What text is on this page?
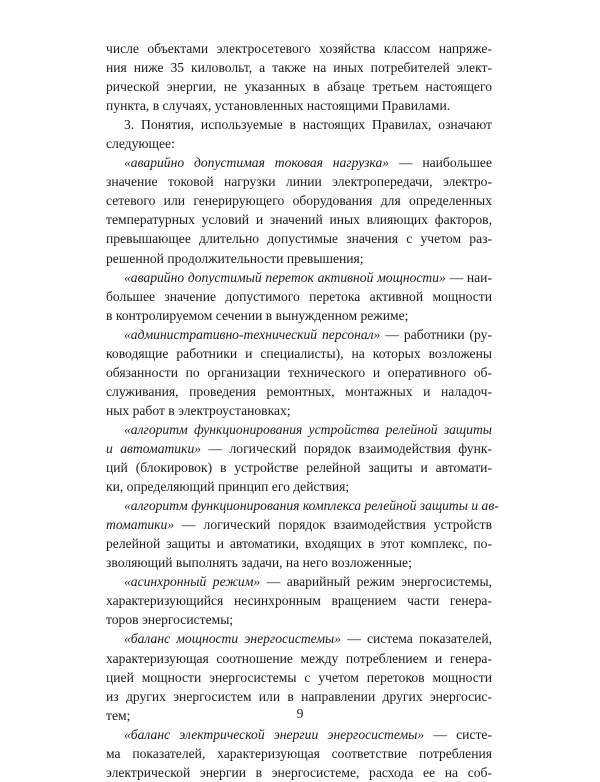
числе объектами электросетевого хозяйства классом напряже-
ния ниже 35 киловольт, а также на иных потребителей элект-
рической энергии, не указанных в абзаце третьем настоящего
пункта, в случаях, установленных настоящими Правилами.
3. Понятия, используемые в настоящих Правилах, означают
следующее:
«аварийно допустимая токовая нагрузка» — наибольшее
значение токовой нагрузки линии электропередачи, электро-
сетевого или генерирующего оборудования для определенных
температурных условий и значений иных влияющих факторов,
превышающее длительно допустимые значения с учетом раз-
решенной продолжительности превышения;
«аварийно допустимый переток активной мощности» — наи-
большее значение допустимого перетока активной мощности
в контролируемом сечении в вынужденном режиме;
«административно-технический персонал» — работники (ру-
ководящие работники и специалисты), на которых возложены
обязанности по организации технического и оперативного об-
служивания, проведения ремонтных, монтажных и наладоч-
ных работ в электроустановках;
«алгоритм функционирования устройства релейной защиты
и автоматики» — логический порядок взаимодействия функ-
ций (блокировок) в устройстве релейной защиты и автомати-
ки, определяющий принцип его действия;
«алгоритм функционирования комплекса релейной защиты и ав-
томатики» — логический порядок взаимодействия устройств
релейной защиты и автоматики, входящих в этот комплекс, по-
зволяющий выполнять задачи, на него возложенные;
«асинхронный режим» — аварийный режим энергосистемы,
характеризующийся несинхронным вращением части генера-
торов энергосистемы;
«баланс мощности энергосистемы» — система показателей,
характеризующая соотношение между потреблением и генера-
цией мощности энергосистемы с учетом перетоков мощности
из других энергосистем или в направлении других энергосис-
тем;
«баланс электрической энергии энергосистемы» — систе-
ма показателей, характеризующая соответствие потребления
электрической энергии в энергосистеме, расхода ее на соб-
9
